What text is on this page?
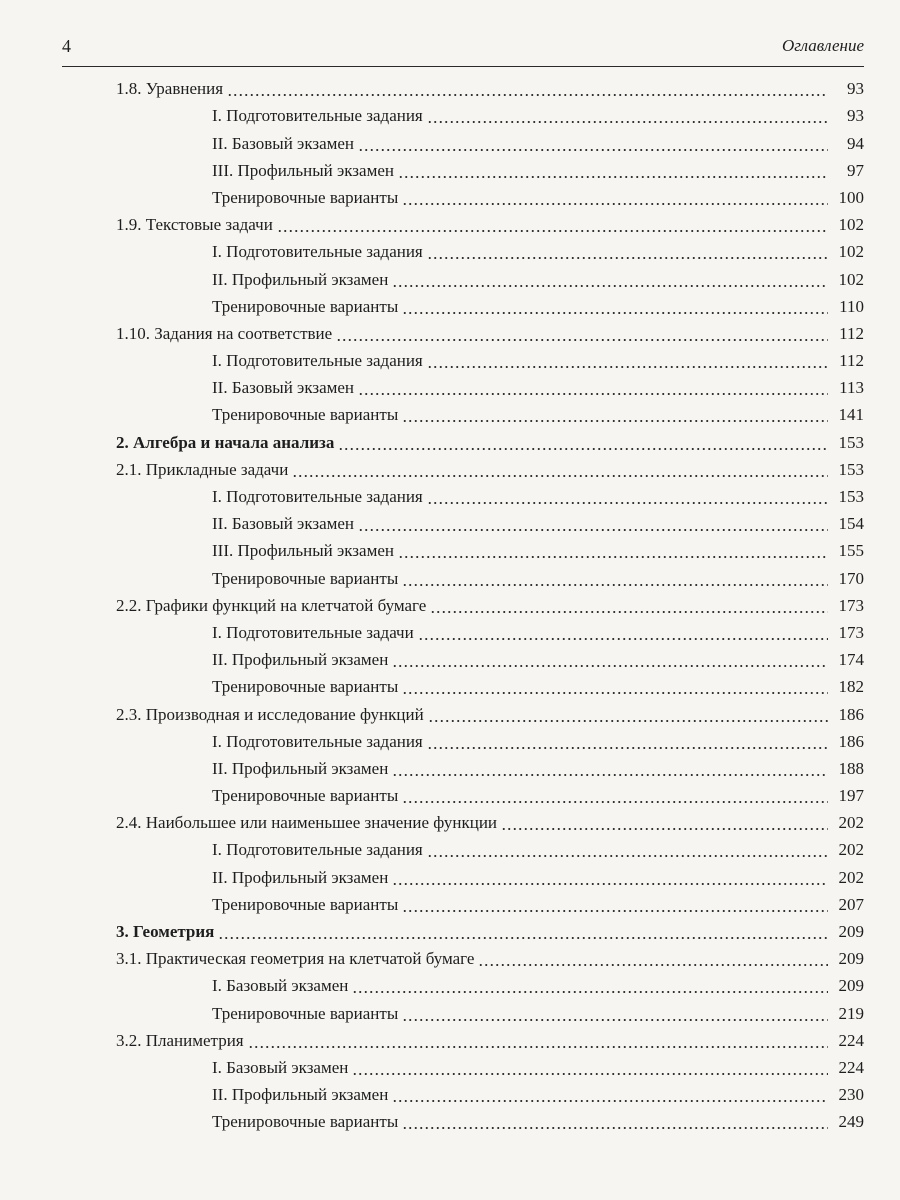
4	Оглавление
1.8. Уравнения	93
I. Подготовительные задания	93
II. Базовый экзамен	94
III. Профильный экзамен	97
Тренировочные варианты	100
1.9. Текстовые задачи	102
I. Подготовительные задания	102
II. Профильный экзамен	102
Тренировочные варианты	110
1.10. Задания на соответствие	112
I. Подготовительные задания	112
II. Базовый экзамен	113
Тренировочные варианты	141
2. Алгебра и начала анализа	153
2.1. Прикладные задачи	153
I. Подготовительные задания	153
II. Базовый экзамен	154
III. Профильный экзамен	155
Тренировочные варианты	170
2.2. Графики функций на клетчатой бумаге	173
I. Подготовительные задачи	173
II. Профильный экзамен	174
Тренировочные варианты	182
2.3. Производная и исследование функций	186
I. Подготовительные задания	186
II. Профильный экзамен	188
Тренировочные варианты	197
2.4. Наибольшее или наименьшее значение функции	202
I. Подготовительные задания	202
II. Профильный экзамен	202
Тренировочные варианты	207
3. Геометрия	209
3.1. Практическая геометрия на клетчатой бумаге	209
I. Базовый экзамен	209
Тренировочные варианты	219
3.2. Планиметрия	224
I. Базовый экзамен	224
II. Профильный экзамен	230
Тренировочные варианты	249
